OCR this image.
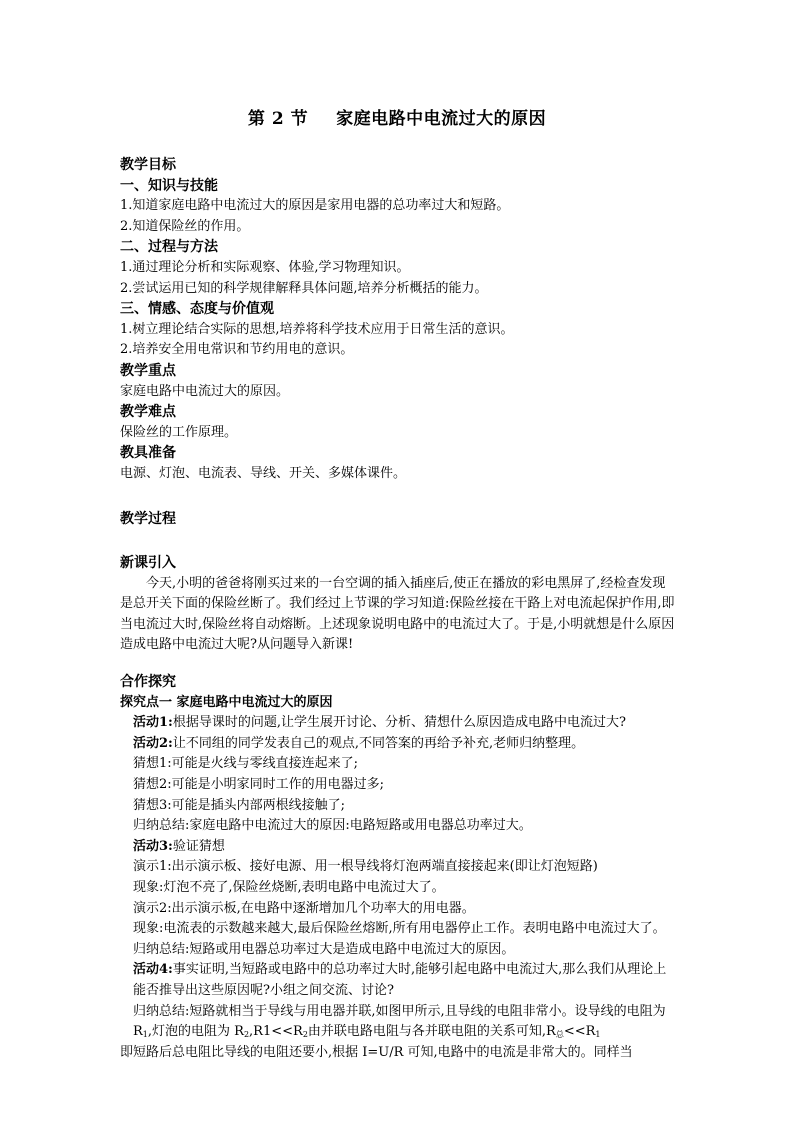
第 2 节 家庭电路中电流过大的原因

教学目标

一、知识与技能

1.知道家庭电路中电流过大的原因是家用电器的总功率过大和短路。

2.知道保险丝的作用。

二、过程与方法

1.通过理论分析和实际观察、体验,学习物理知识。

2.尝试运用已知的科学规律解释具体问题,培养分析概括的能力。

三、情感、态度与价值观

1.树立理论结合实际的思想,培养将科学技术应用于日常生活的意识。

2.培养安全用电常识和节约用电的意识。

教学重点

家庭电路中电流过大的原因。

教学难点

保险丝的工作原理。

教具准备

电源、灯泡、电流表、导线、开关、多媒体课件。

教学过程

新课引入

今天,小明的爸爸将刚买过来的一台空调的插入插座后,使正在播放的彩电黑屏了,经检查发现是总开关下面的保险丝断了。我们经过上节课的学习知道:保险丝接在干路上对电流起保护作用,即当电流过大时,保险丝将自动熔断。上述现象说明电路中的电流过大了。于是,小明就想是什么原因造成电路中电流过大呢?从问题导入新课!

合作探究

探究点一 家庭电路中电流过大的原因

活动1:根据导课时的问题,让学生展开讨论、分析、猜想什么原因造成电路中电流过大?

活动2:让不同组的同学发表自己的观点,不同答案的再给予补充,老师归纳整理。

猜想1:可能是火线与零线直接连起来了;

猜想2:可能是小明家同时工作的用电器过多;

猜想3:可能是插头内部两根线接触了;

归纳总结:家庭电路中电流过大的原因:电路短路或用电器总功率过大。

活动3:验证猜想

演示1:出示演示板、接好电源、用一根导线将灯泡两端直接接起来(即让灯泡短路)

现象:灯泡不亮了,保险丝烧断,表明电路中电流过大了。

演示2:出示演示板,在电路中逐渐增加几个功率大的用电器。

现象:电流表的示数越来越大,最后保险丝熔断,所有用电器停止工作。表明电路中电流过大了。

归纳总结:短路或用电器总功率过大是造成电路中电流过大的原因。

活动4:事实证明,当短路或电路中的总功率过大时,能够引起电路中电流过大,那么我们从理论上能否推导出这些原因呢?小组之间交流、讨论?

归纳总结:短路就相当于导线与用电器并联,如图甲所示,且导线的电阻非常小。设导线的电阻为 $R_1$,灯泡的电阻为 $R_2,R1<<R_2$由并联电路电阻与各并联电阻的关系可知$,R_总<<R_1$

即短路后总电阻比导线的电阻还要小,根据 I=U/R 可知,电路中的电流是非常大的。同样当
